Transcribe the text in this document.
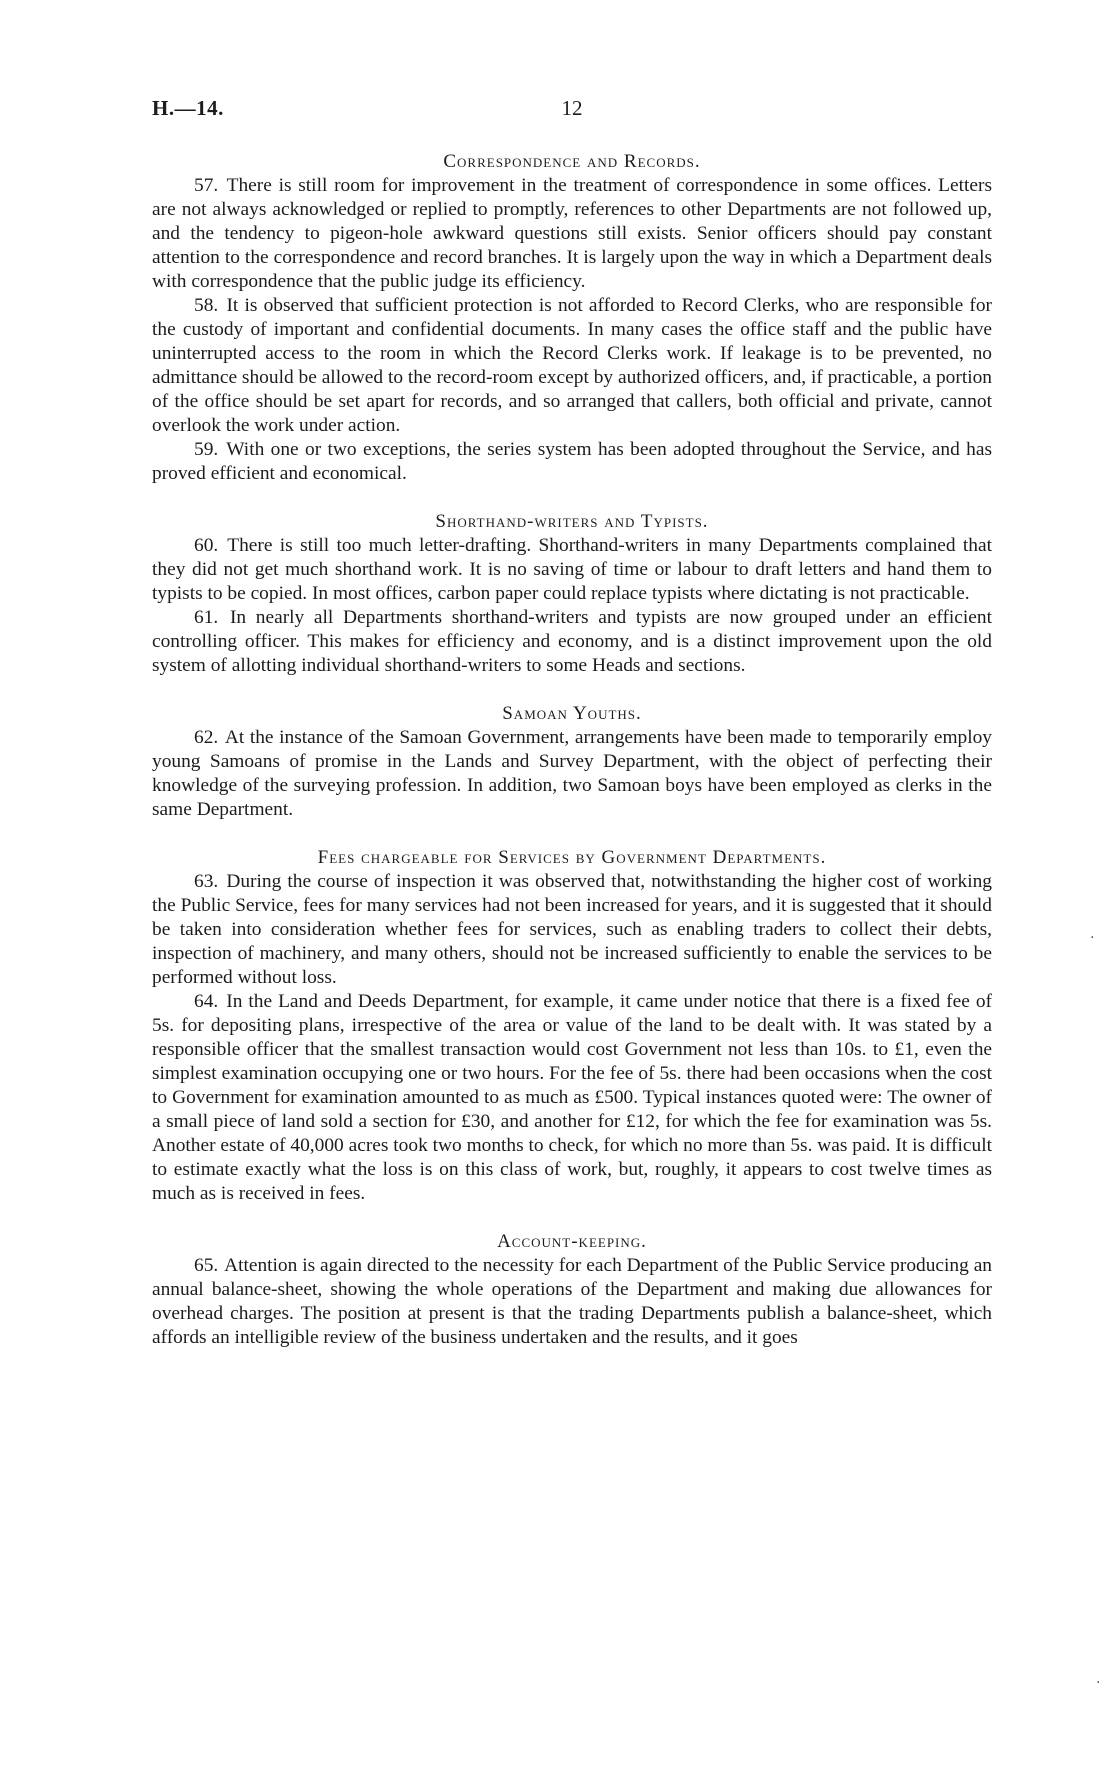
H.—14.	12

Correspondence and Records.

57. There is still room for improvement in the treatment of correspondence in some offices. Letters are not always acknowledged or replied to promptly, references to other Departments are not followed up, and the tendency to pigeon-hole awkward questions still exists. Senior officers should pay constant attention to the correspondence and record branches. It is largely upon the way in which a Department deals with correspondence that the public judge its efficiency.

58. It is observed that sufficient protection is not afforded to Record Clerks, who are responsible for the custody of important and confidential documents. In many cases the office staff and the public have uninterrupted access to the room in which the Record Clerks work. If leakage is to be prevented, no admittance should be allowed to the record-room except by authorized officers, and, if practicable, a portion of the office should be set apart for records, and so arranged that callers, both official and private, cannot overlook the work under action.

59. With one or two exceptions, the series system has been adopted throughout the Service, and has proved efficient and economical.

Shorthand-writers and Typists.

60. There is still too much letter-drafting. Shorthand-writers in many Departments complained that they did not get much shorthand work. It is no saving of time or labour to draft letters and hand them to typists to be copied. In most offices, carbon paper could replace typists where dictating is not practicable.

61. In nearly all Departments shorthand-writers and typists are now grouped under an efficient controlling officer. This makes for efficiency and economy, and is a distinct improvement upon the old system of allotting individual shorthand-writers to some Heads and sections.

Samoan Youths.

62. At the instance of the Samoan Government, arrangements have been made to temporarily employ young Samoans of promise in the Lands and Survey Department, with the object of perfecting their knowledge of the surveying profession. In addition, two Samoan boys have been employed as clerks in the same Department.

Fees chargeable for Services by Government Departments.

63. During the course of inspection it was observed that, notwithstanding the higher cost of working the Public Service, fees for many services had not been increased for years, and it is suggested that it should be taken into consideration whether fees for services, such as enabling traders to collect their debts, inspection of machinery, and many others, should not be increased sufficiently to enable the services to be performed without loss.

64. In the Land and Deeds Department, for example, it came under notice that there is a fixed fee of 5s. for depositing plans, irrespective of the area or value of the land to be dealt with. It was stated by a responsible officer that the smallest transaction would cost Government not less than 10s. to £1, even the simplest examination occupying one or two hours. For the fee of 5s. there had been occasions when the cost to Government for examination amounted to as much as £500. Typical instances quoted were: The owner of a small piece of land sold a section for £30, and another for £12, for which the fee for examination was 5s. Another estate of 40,000 acres took two months to check, for which no more than 5s. was paid. It is difficult to estimate exactly what the loss is on this class of work, but, roughly, it appears to cost twelve times as much as is received in fees.

Account-keeping.

65. Attention is again directed to the necessity for each Department of the Public Service producing an annual balance-sheet, showing the whole operations of the Department and making due allowances for overhead charges. The position at present is that the trading Departments publish a balance-sheet, which affords an intelligible review of the business undertaken and the results, and it goes

·
·
